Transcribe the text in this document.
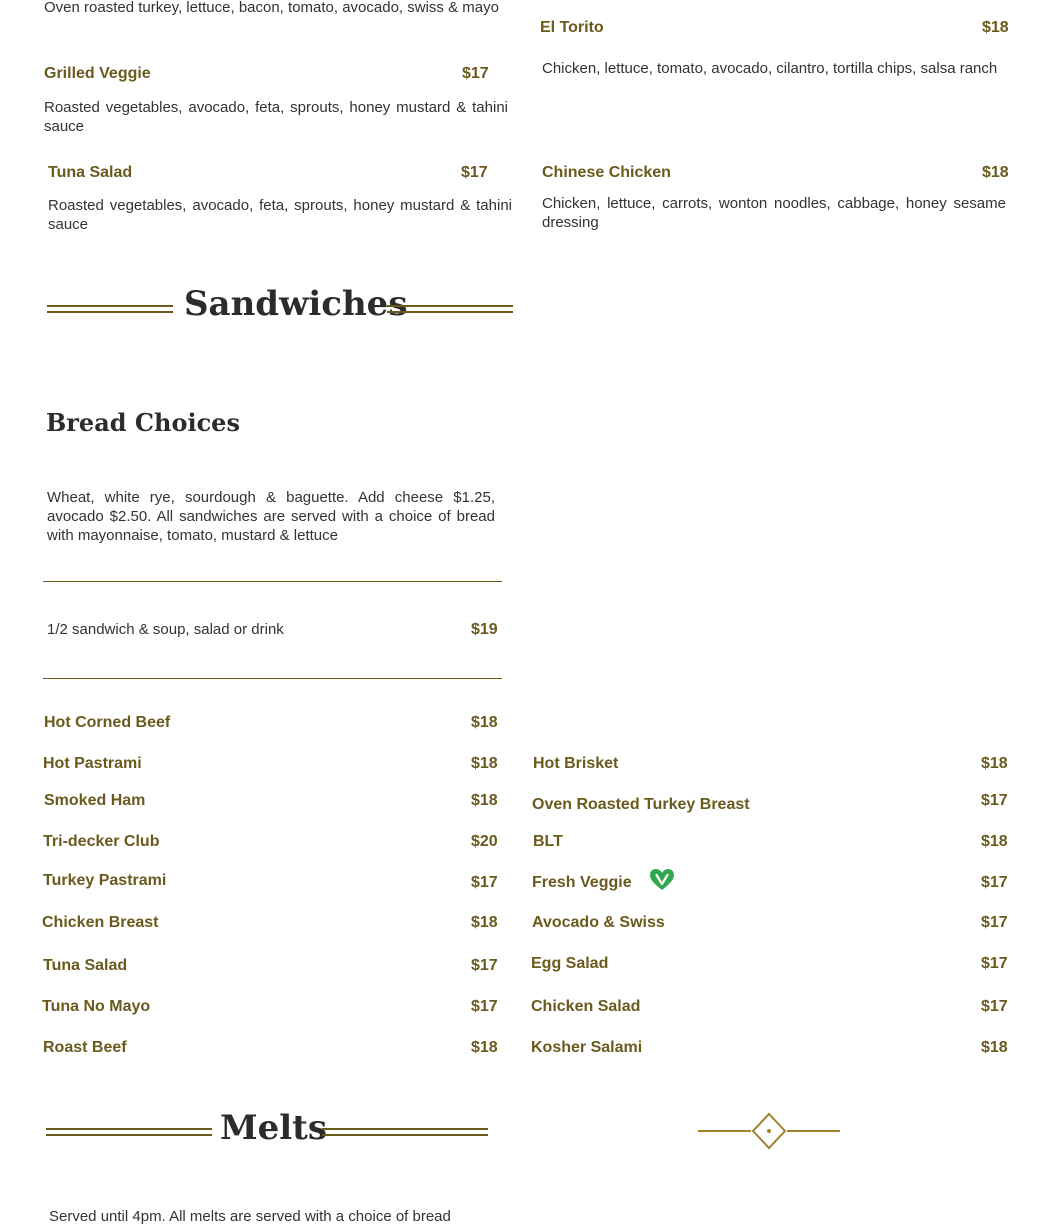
Oven roasted turkey, lettuce, bacon, tomato, avocado, swiss & mayo
El Torito	$18
Chicken, lettuce, tomato, avocado, cilantro, tortilla chips, salsa ranch
Grilled Veggie	$17
Roasted vegetables, avocado, feta, sprouts, honey mustard & tahini sauce
Tuna Salad	$17
Roasted vegetables, avocado, feta, sprouts, honey mustard & tahini sauce
Chinese Chicken	$18
Chicken, lettuce, carrots, wonton noodles, cabbage, honey sesame dressing
Sandwiches
Bread Choices
Wheat, white rye, sourdough & baguette. Add cheese $1.25, avocado $2.50. All sandwiches are served with a choice of bread with mayonnaise, tomato, mustard & lettuce
1/2 sandwich & soup, salad or drink	$19
Hot Corned Beef	$18
Hot Pastrami	$18
Smoked Ham	$18
Tri-decker Club	$20
Turkey Pastrami	$17
Chicken Breast	$18
Tuna Salad	$17
Tuna No Mayo	$17
Roast Beef	$18
Hot Brisket	$18
Oven Roasted Turkey Breast	$17
BLT	$18
Fresh Veggie	$17
Avocado & Swiss	$17
Egg Salad	$17
Chicken Salad	$17
Kosher Salami	$18
Melts
Served until 4pm. All melts are served with a choice of bread
